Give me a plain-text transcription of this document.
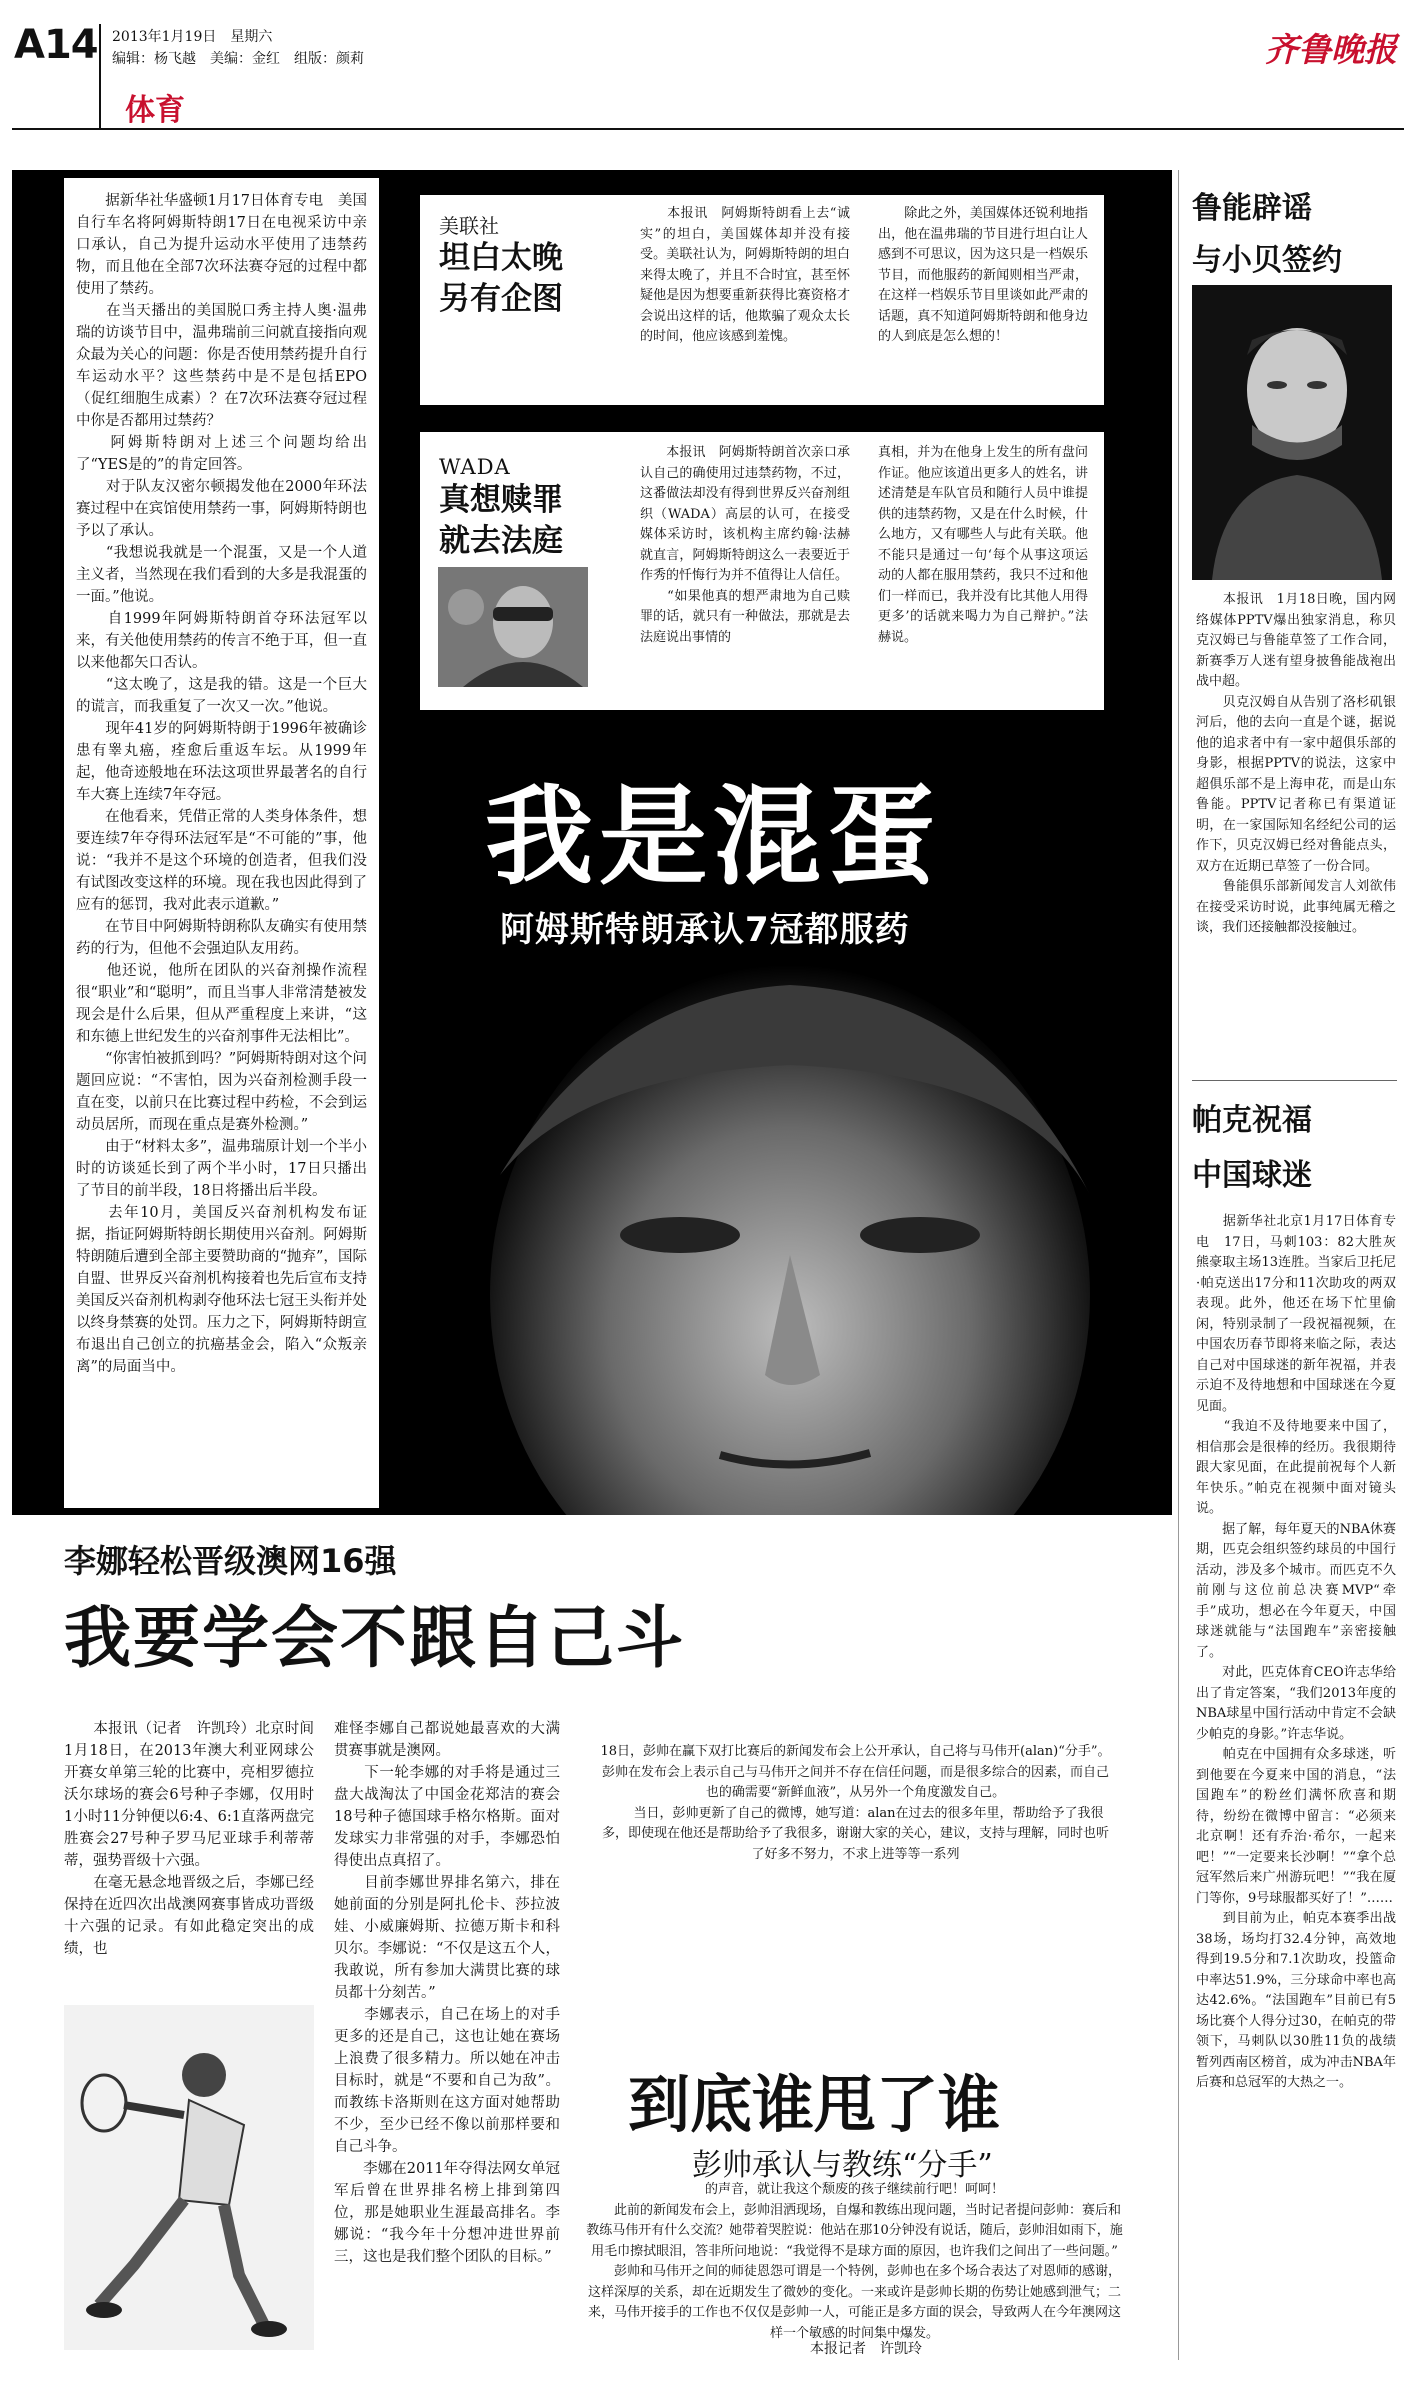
A14 2013年1月19日　星期六
编辑：杨飞越　美编：金红　组版：颜莉
体育
齐鲁晚报
我是混蛋
阿姆斯特朗承认7冠都服药
　　据新华社华盛顿1月17日体育专电　美国自行车名将阿姆斯特朗17日在电视采访中亲口承认，自己为提升运动水平使用了违禁药物，而且他在全部7次环法赛夺冠的过程中都使用了禁药。
　　在当天播出的美国脱口秀主持人奥·温弗瑞的访谈节目中，温弗瑞前三问就直接指向观众最为关心的问题：你是否使用禁药提升自行车运动水平？这些禁药中是不是包括EPO（促红细胞生成素）？在7次环法赛夺冠过程中你是否都用过禁药？
　　阿姆斯特朗对上述三个问题均给出了“YES是的”的肯定回答。
　　对于队友汉密尔顿揭发他在2000年环法赛过程中在宾馆使用禁药一事，阿姆斯特朗也予以了承认。
　　“我想说我就是一个混蛋，又是一个人道主义者，当然现在我们看到的大多是我混蛋的一面。”他说。
　　自1999年阿姆斯特朗首夺环法冠军以来，有关他使用禁药的传言不绝于耳，但一直以来他都矢口否认。
　　“这太晚了，这是我的错。这是一个巨大的谎言，而我重复了一次又一次。”他说。
　　现年41岁的阿姆斯特朗于1996年被确诊患有睾丸癌，痊愈后重返车坛。从1999年起，他奇迹般地在环法这项世界最著名的自行车大赛上连续7年夺冠。
　　在他看来，凭借正常的人类身体条件，想要连续7年夺得环法冠军是“不可能的”事，他说：“我并不是这个环境的创造者，但我们没有试图改变这样的环境。现在我也因此得到了应有的惩罚，我对此表示道歉。”
　　在节目中阿姆斯特朗称队友确实有使用禁药的行为，但他不会强迫队友用药。
　　他还说，他所在团队的兴奋剂操作流程很“职业”和“聪明”，而且当事人非常清楚被发现会是什么后果，但从严重程度上来讲，“这和东德上世纪发生的兴奋剂事件无法相比”。
　　“你害怕被抓到吗？”阿姆斯特朗对这个问题回应说：“不害怕，因为兴奋剂检测手段一直在变，以前只在比赛过程中药检，不会到运动员居所，而现在重点是赛外检测。”
　　由于“材料太多”，温弗瑞原计划一个半小时的访谈延长到了两个半小时，17日只播出了节目的前半段，18日将播出后半段。
　　去年10月，美国反兴奋剂机构发布证据，指证阿姆斯特朗长期使用兴奋剂。阿姆斯特朗随后遭到全部主要赞助商的“抛弃”，国际自盟、世界反兴奋剂机构接着也先后宣布支持美国反兴奋剂机构剥夺他环法七冠王头衔并处以终身禁赛的处罚。压力之下，阿姆斯特朗宣布退出自己创立的抗癌基金会，陷入“众叛亲离”的局面当中。
美联社
坦白太晚
另有企图
　　本报讯　阿姆斯特朗看上去“诚实”的坦白，美国媒体却并没有接受。美联社认为，阿姆斯特朗的坦白来得太晚了，并且不合时宜，甚至怀疑他是因为想要重新获得比赛资格才会说出这样的话，他欺骗了观众太长的时间，他应该感到羞愧。
　　除此之外，美国媒体还锐利地指出，他在温弗瑞的节目进行坦白让人感到不可思议，因为这只是一档娱乐节目，而他服药的新闻则相当严肃，在这样一档娱乐节目里谈如此严肃的话题，真不知道阿姆斯特朗和他身边的人到底是怎么想的！
WADA
真想赎罪
就去法庭
　　本报讯　阿姆斯特朗首次亲口承认自己的确使用过违禁药物，不过，这番做法却没有得到世界反兴奋剂组织（WADA）高层的认可，在接受媒体采访时，该机构主席约翰·法赫就直言，阿姆斯特朗这么一表要近于作秀的忏悔行为并不值得让人信任。
　　“如果他真的想严肃地为自己赎罪的话，就只有一种做法，那就是去法庭说出事情的
真相，并为在他身上发生的所有盘问作证。他应该道出更多人的姓名，讲述清楚是车队官员和随行人员中谁提供的违禁药物，又是在什么时候，什么地方，又有哪些人与此有关联。他不能只是通过一句‘每个从事这项运动的人都在服用禁药，我只不过和他们一样而已，我并没有比其他人用得更多’的话就来喝力为自己辩护。”法赫说。
鲁能辟谣
与小贝签约
　　本报讯　1月18日晚，国内网络媒体PPTV爆出独家消息，称贝克汉姆已与鲁能草签了工作合同，新赛季万人迷有望身披鲁能战袍出战中超。
　　贝克汉姆自从告别了洛杉矶银河后，他的去向一直是个谜，据说他的追求者中有一家中超俱乐部的身影，根据PPTV的说法，这家中超俱乐部不是上海申花，而是山东鲁能。PPTV记者称已有渠道证明，在一家国际知名经纪公司的运作下，贝克汉姆已经对鲁能点头，双方在近期已草签了一份合同。
　　鲁能俱乐部新闻发言人刘欲伟在接受采访时说，此事纯属无稽之谈，我们还接触都没接触过。
帕克祝福
中国球迷
　　据新华社北京1月17日体育专电　17日，马刺103：82大胜灰熊豪取主场13连胜。当家后卫托尼·帕克送出17分和11次助攻的两双表现。此外，他还在场下忙里偷闲，特别录制了一段祝福视频，在中国农历春节即将来临之际，表达自己对中国球迷的新年祝福，并表示迫不及待地想和中国球迷在今夏见面。
　　“我迫不及待地要来中国了，相信那会是很棒的经历。我很期待跟大家见面，在此提前祝每个人新年快乐。”帕克在视频中面对镜头说。
　　据了解，每年夏天的NBA休赛期，匹克会组织签约球员的中国行活动，涉及多个城市。而匹克不久前刚与这位前总决赛MVP“牵手”成功，想必在今年夏天，中国球迷就能与“法国跑车”亲密接触了。
　　对此，匹克体育CEO许志华给出了肯定答案，“我们2013年度的NBA球星中国行活动中肯定不会缺少帕克的身影。”许志华说。
　　帕克在中国拥有众多球迷，听到他要在今夏来中国的消息，“法国跑车”的粉丝们满怀欣喜和期待，纷纷在微博中留言：“必须来北京啊！还有乔治·希尔，一起来吧！”“一定要来长沙啊！”“拿个总冠军然后来广州游玩吧！”“我在厦门等你，9号球服都买好了！”……
　　到目前为止，帕克本赛季出战38场，场均打32.4分钟，高效地得到19.5分和7.1次助攻，投篮命中率达51.9%，三分球命中率也高达42.6%。“法国跑车”目前已有5场比赛个人得分过30，在帕克的带领下，马刺队以30胜11负的战绩暂列西南区榜首，成为冲击NBA年后赛和总冠军的大热之一。
李娜轻松晋级澳网16强
我要学会不跟自己斗
　　本报讯（记者　许凯玲）北京时间1月18日，在2013年澳大利亚网球公开赛女单第三轮的比赛中，亮相罗德拉沃尔球场的赛会6号种子李娜，仅用时1小时11分钟便以6:4、6:1直落两盘完胜赛会27号种子罗马尼亚球手利蒂蒂蒂，强势晋级十六强。
　　在毫无悬念地晋级之后，李娜已经保持在近四次出战澳网赛事皆成功晋级十六强的记录。有如此稳定突出的成绩，也
难怪李娜自己都说她最喜欢的大满贯赛事就是澳网。
　　下一轮李娜的对手将是通过三盘大战淘汰了中国金花郑洁的赛会18号种子德国球手格尔格斯。面对发球实力非常强的对手，李娜恐怕得使出点真招了。
　　目前李娜世界排名第六，排在她前面的分别是阿扎伦卡、莎拉波娃、小威廉姆斯、拉德万斯卡和科贝尔。李娜说：“不仅是这五个人，我敢说，所有参加大满贯比赛的球员都十分刻苦。”
　　李娜表示，自己在场上的对手更多的还是自己，这也让她在赛场上浪费了很多精力。所以她在冲击目标时，就是“不要和自己为敌”。而教练卡洛斯则在这方面对她帮助不少，至少已经不像以前那样要和自己斗争。
　　李娜在2011年夺得法网女单冠军后曾在世界排名榜上排到第四位，那是她职业生涯最高排名。李娜说：“我今年十分想冲进世界前三，这也是我们整个团队的目标。”
18日，彭帅在赢下双打比赛后的新闻发布会上公开承认，自己将与马伟开(alan)“分手”。彭帅在发布会上表示自己与马伟开之间并不存在信任问题，而是很多综合的因素，而自己也的确需要“新鲜血液”，从另外一个角度激发自己。
　　当日，彭帅更新了自己的微博，她写道：alan在过去的很多年里，帮助给予了我很多，即使现在他还是帮助给予了我很多，谢谢大家的关心，建议，支持与理解，同时也听了好多不努力，不求上进等等一系列
到底谁甩了谁
彭帅承认与教练“分手”
的声音，就让我这个颓废的孩子继续前行吧！呵呵！
　　此前的新闻发布会上，彭帅泪洒现场，自爆和教练出现问题，当时记者提问彭帅：赛后和教练马伟开有什么交流？她带着哭腔说：他站在那10分钟没有说话，随后，彭帅泪如雨下，施用毛巾擦拭眼泪，答非所问地说：“我觉得不是球方面的原因，也许我们之间出了一些问题。”
　　彭帅和马伟开之间的师徒恩怨可谓是一个特例，彭帅也在多个场合表达了对恩师的感谢，这样深厚的关系，却在近期发生了微妙的变化。一来或许是彭帅长期的伤势让她感到泄气；二来，马伟开接手的工作也不仅仅是彭帅一人，可能正是多方面的误会，导致两人在今年澳网这样一个敏感的时间集中爆发。
本报记者　许凯玲
